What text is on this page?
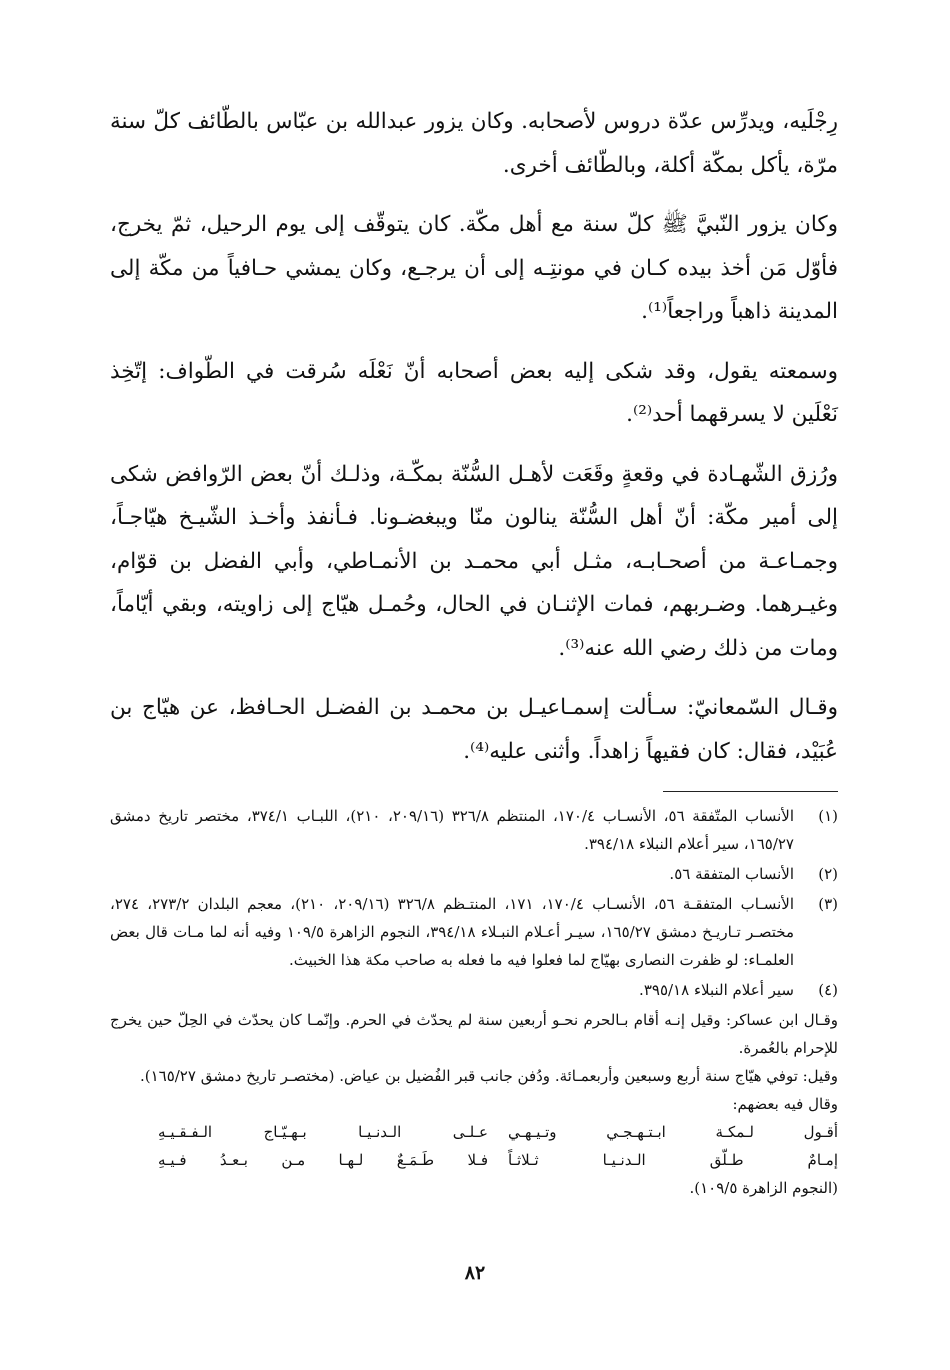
رِجْلَيه، ويدرِّس عدّة دروس لأصحابه. وكان يزور عبدالله بن عبّاس بالطّائف كلّ سنة مرّة، يأكل بمكّة أكلة، وبالطّائف أخرى.

وكان يزور النّبيَّ ﷺ كلّ سنة مع أهل مكّة. كان يتوقّف إلى يوم الرحيل، ثمّ يخرج، فأوّل مَن أخذ بيده كـان في مونتِـه إلى أن يرجـع، وكان يمشي حـافياً من مكّة إلى المدينة ذاهباً وراجعاً⁽¹⁾.

وسمعته يقول، وقد شكى إليه بعض أصحابه أنّ نَعْلَه سُرقت في الطّواف: إتّخِذ نَعْلَين لا يسرقهما أحد⁽²⁾.

ورُزق الشّهـادة في وقعةٍ وقَعَت لأهـل السُّنّة بمكّـة، وذلـك أنّ بعض الرّوافض شكى إلى أمير مكّة: أنّ أهل السُّنّة ينالون منّا ويبغضـونا. فـأنفذ وأخـذ الشّيـخ هيّاجـاً، وجمـاعـة من أصحـابـه، مثـل أبي محمـد بن الأنمـاطي، وأبي الفضل بن قوّام، وغيـرهما. وضـربهم، فمات الإثنـان في الحال، وحُمـل هيّاج إلى زاويته، وبقي أيّاماً، ومات من ذلك رضي الله عنه⁽³⁾.

وقـال السّمعانيّ: سـألت إسمـاعيـل بن محمـد بن الفضـل الحـافظ، عن هيّاج بن عُبَيْد، فقال: كان فقيهاً زاهداً. وأثنى عليه⁽⁴⁾.

(١)
الأنساب المتّفقة ٥٦، الأنسـاب ١٧٠/٤، المنتظم ٣٢٦/٨ (٢٠٩/١٦، ٢١٠)، اللبـاب ٣٧٤/١، مختصر تاريخ دمشق ١٦٥/٢٧، سير أعلام النبلاء ٣٩٤/١٨.
(٢)
الأنساب المتفقة ٥٦.
(٣)
الأنسـاب المتفقـة ٥٦، الأنسـاب ١٧٠/٤، ١٧١، المنتـظم ٣٢٦/٨ (٢٠٩/١٦، ٢١٠)، معجم البلدان ٢٧٣/٢، ٢٧٤، مختصـر تـاريـخ دمشق ١٦٥/٢٧، سيـر أعـلام النبـلاء ٣٩٤/١٨، النجوم الزاهرة ١٠٩/٥ وفيه أنه لما مـات قال بعض العلمـاء: لو ظفرت النصارى بهيّاج لما فعلوا فيه ما فعله به صاحب مكة هذا الخبيث.
(٤)
سير أعلام النبلاء ٣٩٥/١٨.

وقـال ابن عساكر: وقيل إنـه أقام بـالحرم نحـو أربعين سنة لم يحدّث في الحرم. وإنّمـا كان يحدّث في الحِلّ حين يخرج للإحرام بالعُمرة.

وقيل: توفي هيّاج سنة أربع وسبعين وأربعمـائة. ودُفن جانب قبر الفُضيل بن عياض. (مختصـر تاريخ دمشق ١٦٥/٢٧).

وقال فيه بعضهم:

أقـول لـمكـة ابـتـهـجـي وتـيـهـي
عـلـى الـدنـيـا بـهـيّـاج الـفـقـيـهِ
إمـامٌ طـلّق الـدنـيـا ثـلاثـاً
فـلا طَـمَـعٌ لـهـا مـن بـعـدُ فـيـهِ

(النجوم الزاهرة ١٠٩/٥).

٨٢
